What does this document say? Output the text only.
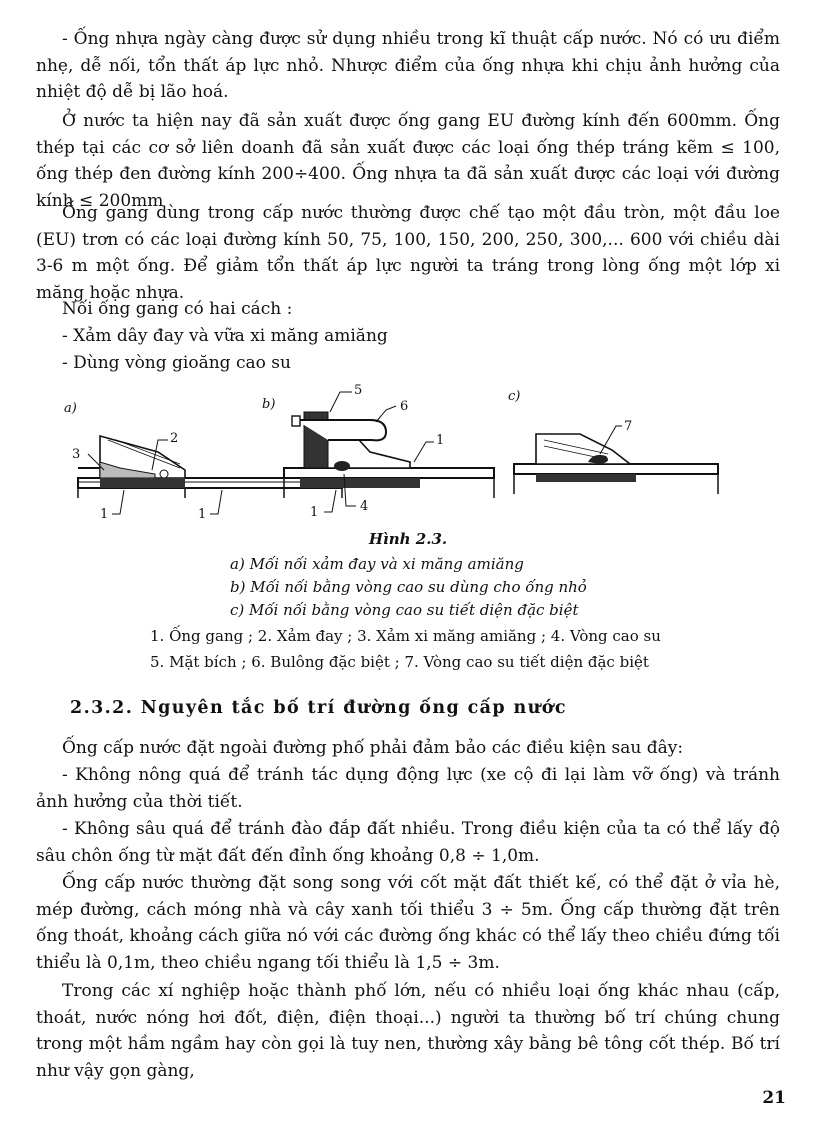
- Ống nhựa ngày càng được sử dụng nhiều trong kĩ thuật cấp nước. Nó có ưu điểm nhẹ, dễ nối, tổn thất áp lực nhỏ. Nhược điểm của ống nhựa khi chịu ảnh hưởng của nhiệt độ dễ bị lão hoá.

Ở nước ta hiện nay đã sản xuất được ống gang EU đường kính đến 600mm. Ống thép tại các cơ sở liên doanh đã sản xuất được các loại ống thép tráng kẽm ≤ 100, ống thép đen đường kính 200÷400. Ống nhựa ta đã sản xuất được các loại với đường kính ≤ 200mm

Ống gang dùng trong cấp nước thường được chế tạo một đầu tròn, một đầu loe (EU) trơn có các loại đường kính 50, 75, 100, 150, 200, 250, 300,... 600 với chiều dài 3-6 m một ống. Để giảm tổn thất áp lực người ta tráng trong lòng ống một lớp xi măng hoặc nhựa.

Nối ống gang có hai cách :

- Xảm dây đay và vữa xi măng amiăng

- Dùng vòng gioăng cao su

a)
3
2
1	1
b)
5
6
1
1	4
c)
7
Hình 2.3.
a) Mối nối xảm đay và xi măng amiăng
b) Mối nối bằng vòng cao su dùng cho ống nhỏ
c) Mối nối bằng vòng cao su tiết diện đặc biệt
1. Ống gang ; 2. Xảm đay ; 3. Xảm xi măng amiăng ; 4. Vòng cao su
5. Mặt bích ; 6. Bulông đặc biệt ; 7. Vòng cao su tiết diện đặc biệt
2.3.2. Nguyên tắc bố trí đường ống cấp nước

Ống cấp nước đặt ngoài đường phố phải đảm bảo các điều kiện sau đây:

- Không nông quá để tránh tác dụng động lực (xe cộ đi lại làm vỡ ống) và tránh ảnh hưởng của thời tiết.

- Không sâu quá để tránh đào đắp đất nhiều. Trong điều kiện của ta có thể lấy độ sâu chôn ống từ mặt đất đến đỉnh ống khoảng 0,8 ÷ 1,0m.

Ống cấp nước thường đặt song song với cốt mặt đất thiết kế, có thể đặt ở vỉa hè, mép đường, cách móng nhà và cây xanh tối thiểu 3 ÷ 5m. Ống cấp thường đặt trên ống thoát, khoảng cách giữa nó với các đường ống khác có thể lấy theo chiều đứng tối thiểu là 0,1m, theo chiều ngang tối thiểu là 1,5 ÷ 3m.

Trong các xí nghiệp hoặc thành phố lớn, nếu có nhiều loại ống khác nhau (cấp, thoát, nước nóng hơi đốt, điện, điện thoại...) người ta thường bố trí chúng chung trong một hầm ngầm hay còn gọi là tuy nen, thường xây bằng bê tông cốt thép. Bố trí như vậy gọn gàng,

21
